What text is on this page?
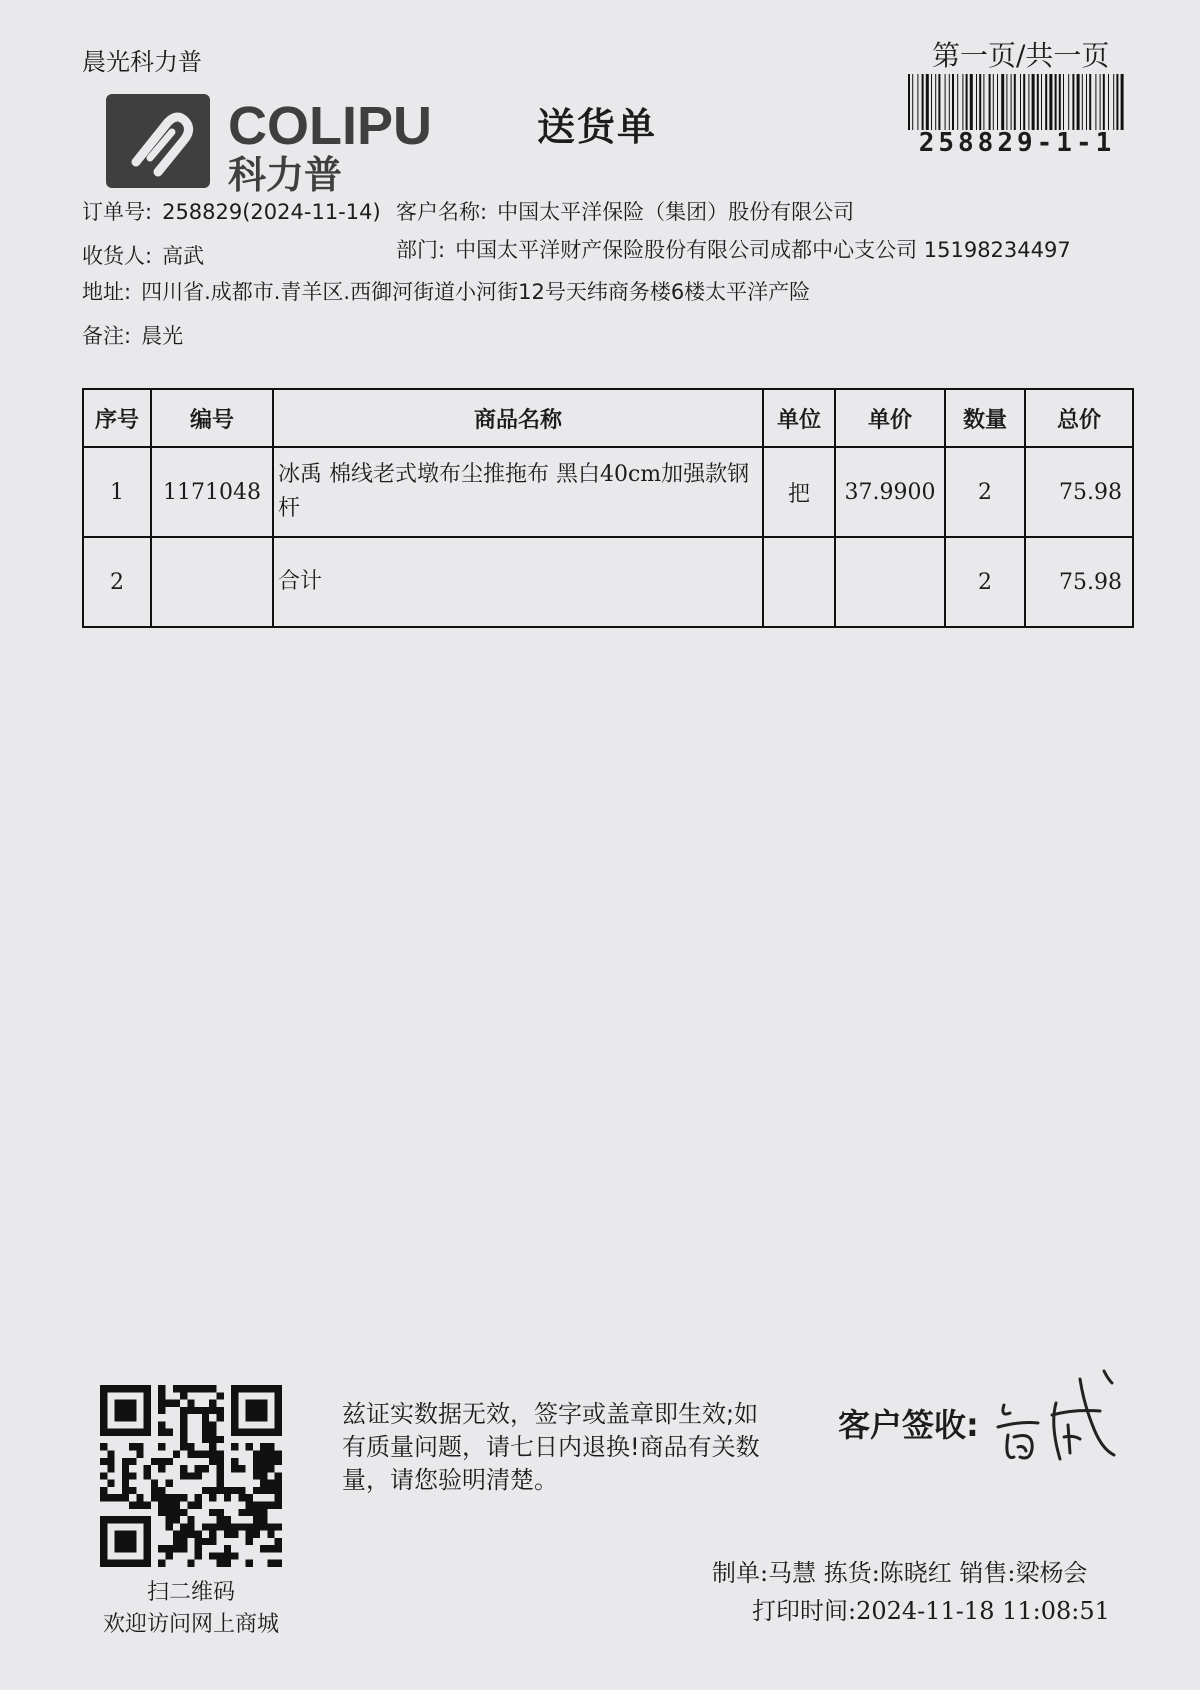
晨光科力普
COLIPU
科力普
送货单
第一页/共一页
258829-1-1
订单号: 258829(2024-11-14) 客户名称: 中国太平洋保险（集团）股份有限公司
收货人: 高武	部门: 中国太平洋财产保险股份有限公司成都中心支公司 15198234497
地址: 四川省.成都市.青羊区.西御河街道小河街12号天纬商务楼6楼太平洋产险
备注: 晨光
序号	编号	商品名称	单位	单价	数量	总价
1	1171048	冰禹 棉线老式墩布尘推拖布 黑白40cm加强款钢杆	把	37.9900	2	75.98
2		合计			2	75.98
扫二维码
欢迎访问网上商城
兹证实数据无效，签字或盖章即生效;如有质量问题，请七日内退换!商品有关数量，请您验明清楚。
客户签收:
制单:马慧 拣货:陈晓红 销售:梁杨会
打印时间:2024-11-18 11:08:51
